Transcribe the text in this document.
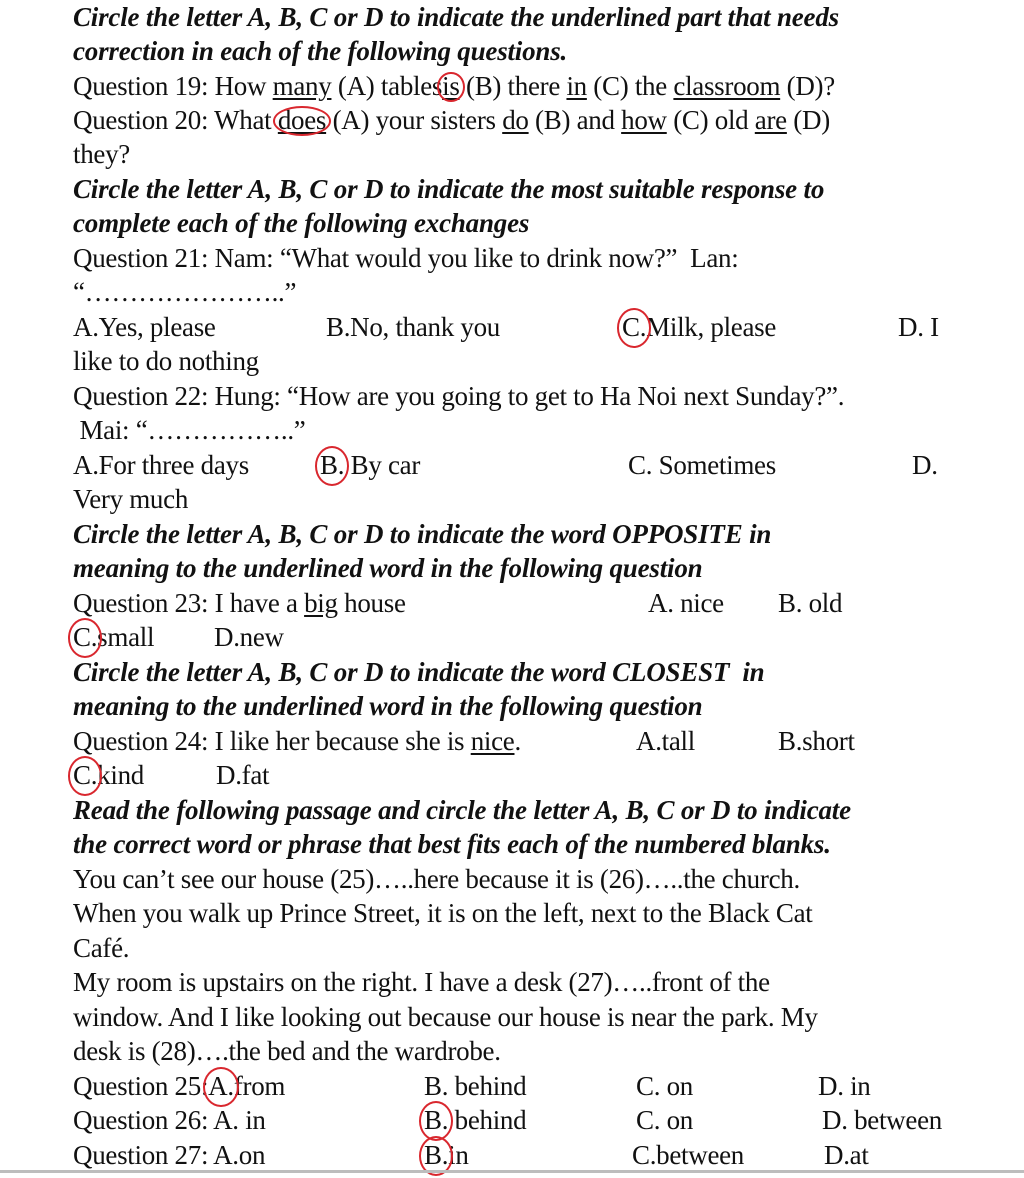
Circle the letter A, B, C or D to indicate the underlined part that needs
correction in each of the following questions.
Question 19: How many (A) tablesis (B) there in (C) the classroom (D)?
Question 20: What does (A) your sisters do (B) and how (C) old are (D)
they?
Circle the letter A, B, C or D to indicate the most suitable response to
complete each of the following exchanges
Question 21: Nam: “What would you like to drink now?”  Lan:
“…………………..”
A.Yes, please	B.No, thank you	C.Milk, please	D. I
like to do nothing
Question 22: Hung: “How are you going to get to Ha Noi next Sunday?”.
Mai: “……………..”
A.For three days	B. By car	C. Sometimes	D.
Very much
Circle the letter A, B, C or D to indicate the word OPPOSITE in
meaning to the underlined word in the following question
Question 23: I have a big house	A. nice B. old
C.small D.new
Circle the letter A, B, C or D to indicate the word CLOSEST  in
meaning to the underlined word in the following question
Question 24: I like her because she is nice.	A.tall	B.short
C.kind	D.fat
Read the following passage and circle the letter A, B, C or D to indicate
the correct word or phrase that best fits each of the numbered blanks.
You can’t see our house (25)…..here because it is (26)…..the church.
When you walk up Prince Street, it is on the left, next to the Black Cat
Café.
My room is upstairs on the right. I have a desk (27)…..front of the
window. And I like looking out because our house is near the park. My
desk is (28)….the bed and the wardrobe.
Question 25:A.from	B. behind	C. on	D. in
Question 26: A. in	B. behind	C. on	D. between
Question 27: A.on	B.in	C.between	D.at
